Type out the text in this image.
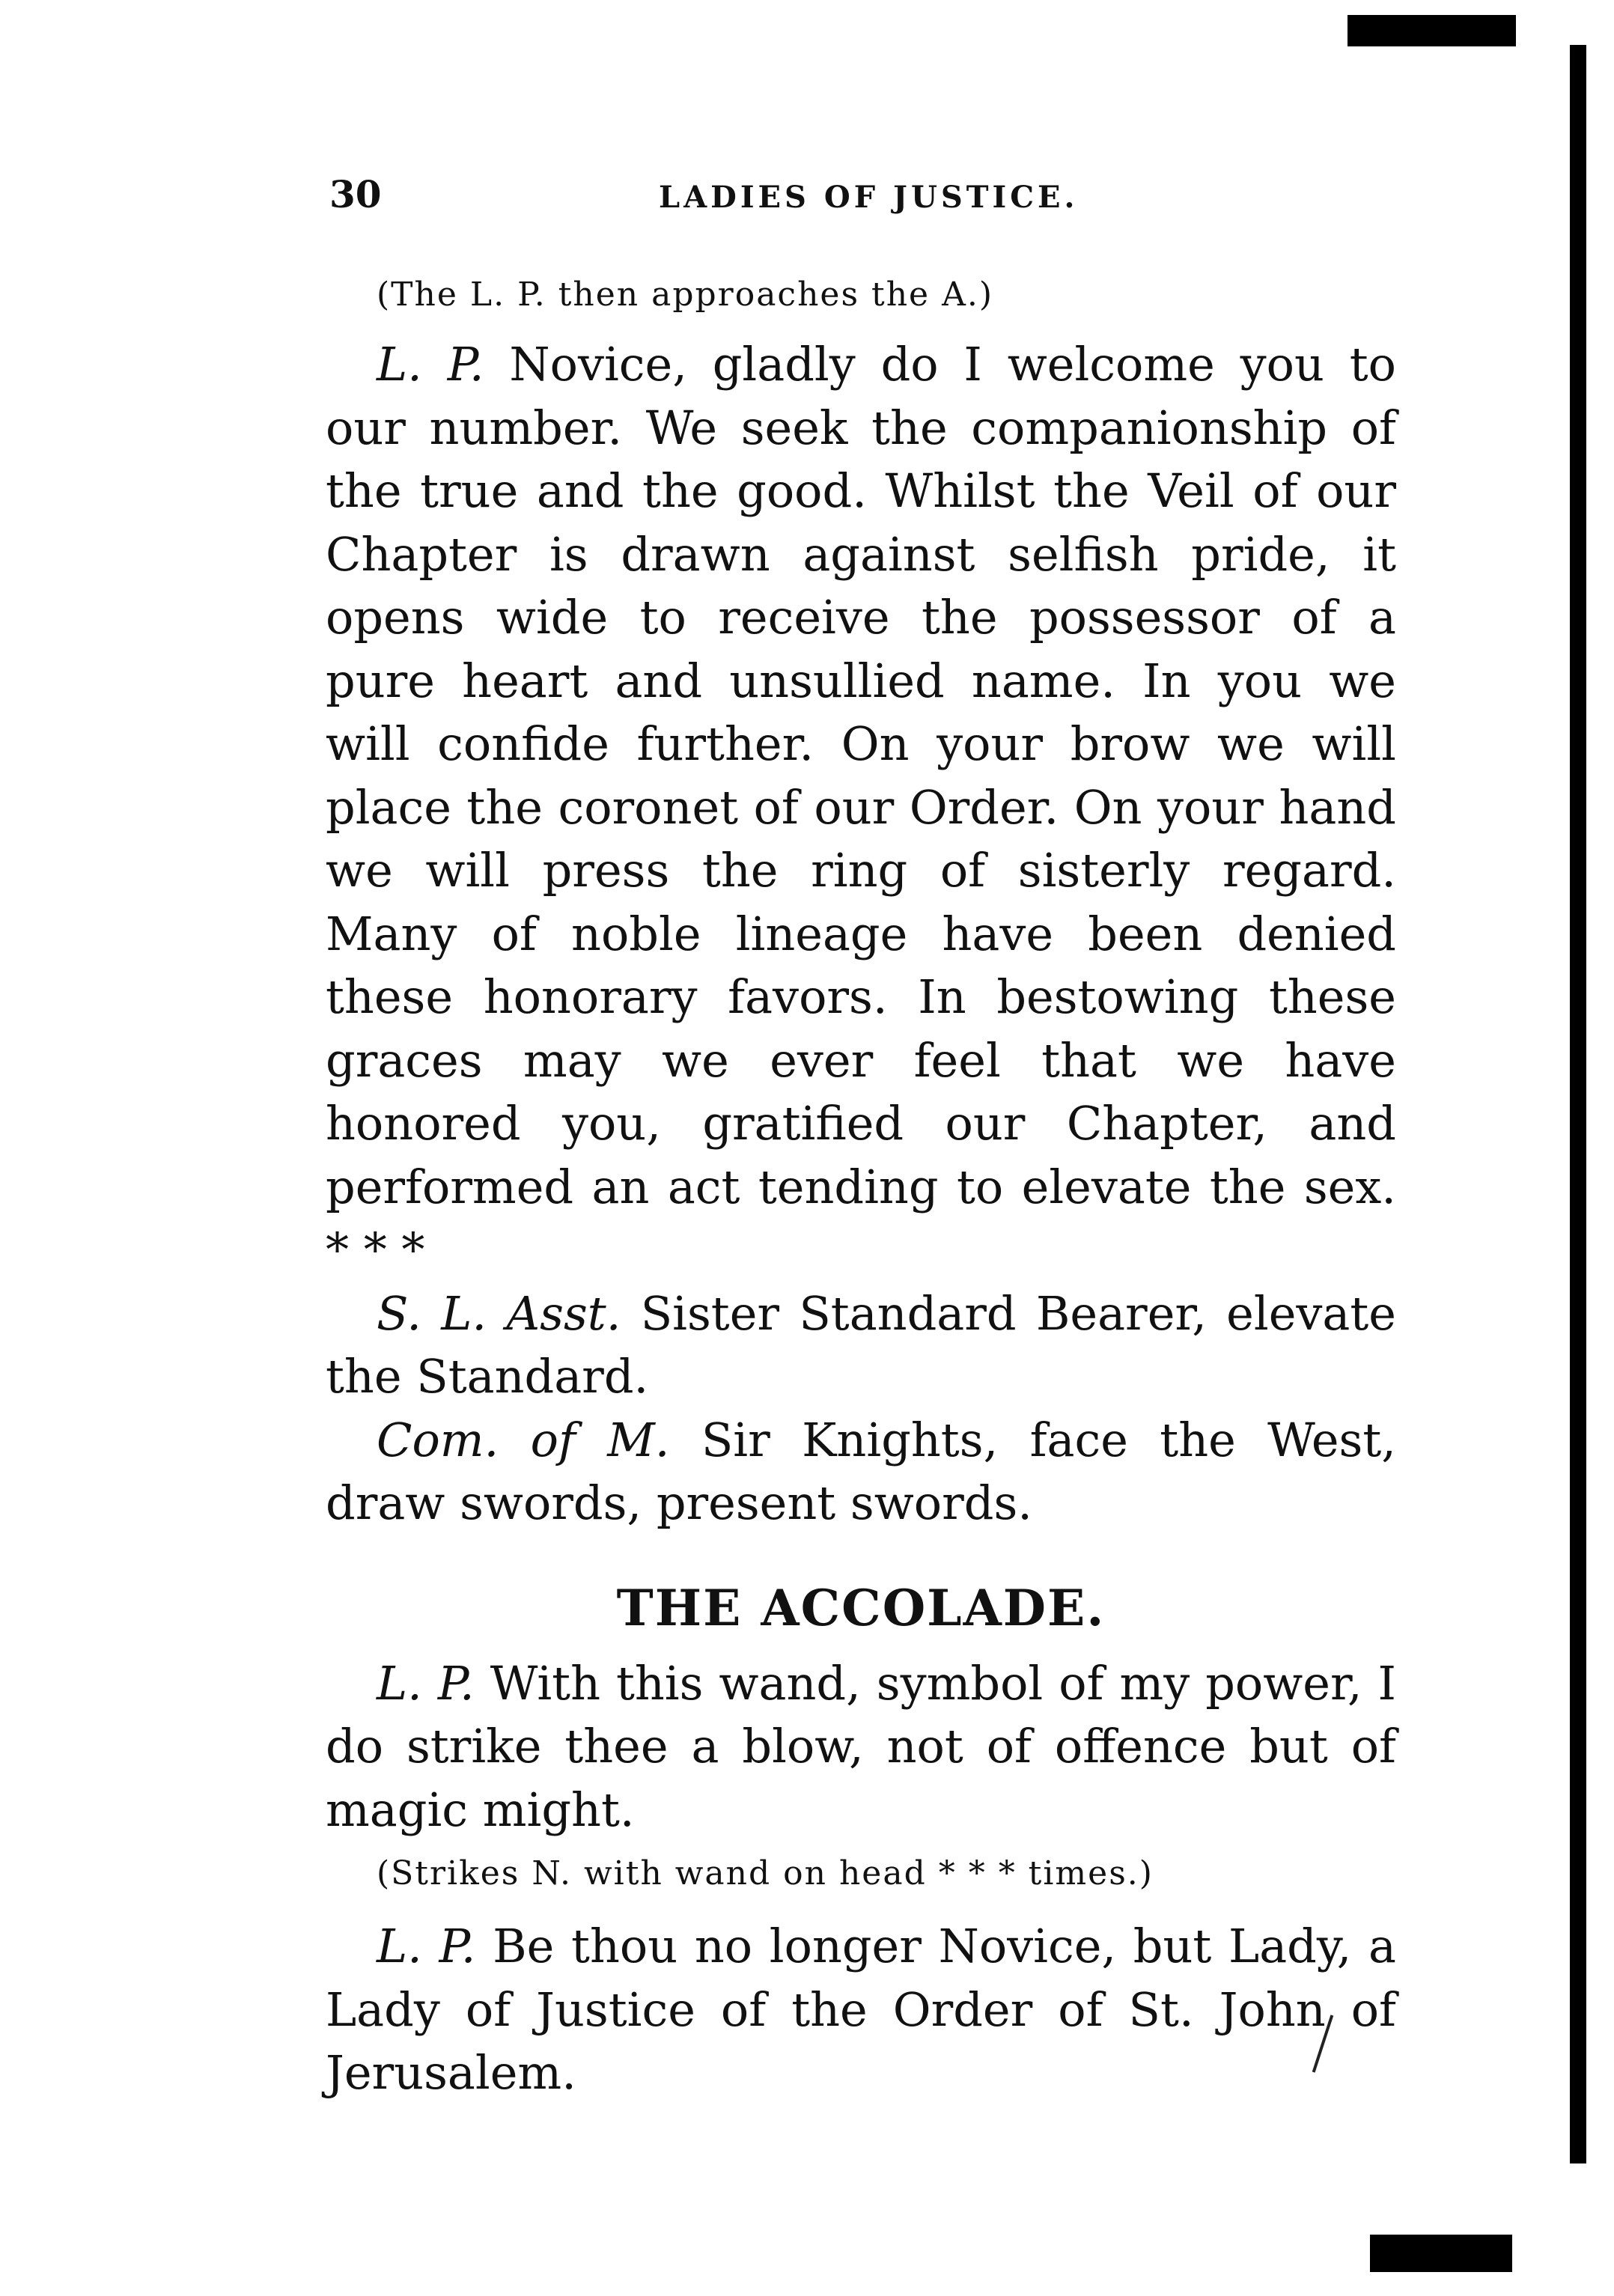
30	LADIES OF JUSTICE.

(The L. P. then approaches the A.)

L. P. Novice, gladly do I welcome you to our number. We seek the companionship of the true and the good. Whilst the Veil of our Chapter is drawn against selfish pride, it opens wide to receive the possessor of a pure heart and unsullied name. In you we will confide further. On your brow we will place the coronet of our Order. On your hand we will press the ring of sisterly regard. Many of noble lineage have been denied these honorary favors. In bestowing these graces may we ever feel that we have honored you, gratified our Chapter, and performed an act tending to elevate the sex. * * *

S. L. Asst. Sister Standard Bearer, elevate the Standard.

Com. of M. Sir Knights, face the West, draw swords, present swords.

THE ACCOLADE.

L. P. With this wand, symbol of my power, I do strike thee a blow, not of offence but of magic might.

(Strikes N. with wand on head * * * times.)

L. P. Be thou no longer Novice, but Lady, a Lady of Justice of the Order of St. John of Jerusalem.
